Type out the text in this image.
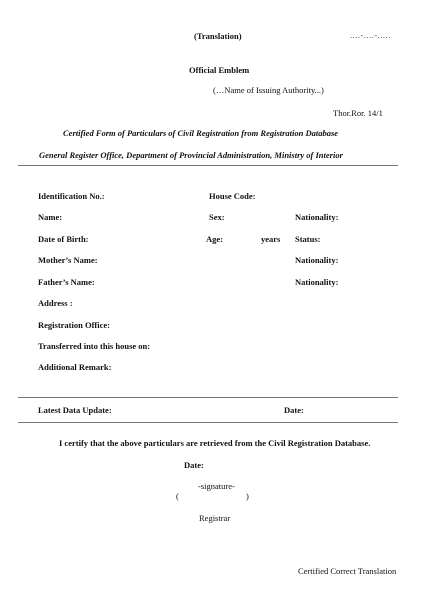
(Translation)	....-....-.....
Official Emblem
(…Name of Issuing Authority...)
Thor.Ror. 14/1
Certified Form of Particulars of Civil Registration from Registration Database
General Register Office, Department of Provincial Administration, Ministry of Interior
Identification No.:	House Code:
Name:	Sex:	Nationality:
Date of Birth:	Age:	years Status:
Mother’s Name:	Nationality:
Father’s Name:	Nationality:
Address :
Registration Office:
Transferred into this house on:
Additional Remark:
Latest Data Update:	Date:
I certify that the above particulars are retrieved from the Civil Registration Database.
Date:
-signature-
(	)
Registrar
Certified Correct Translation
